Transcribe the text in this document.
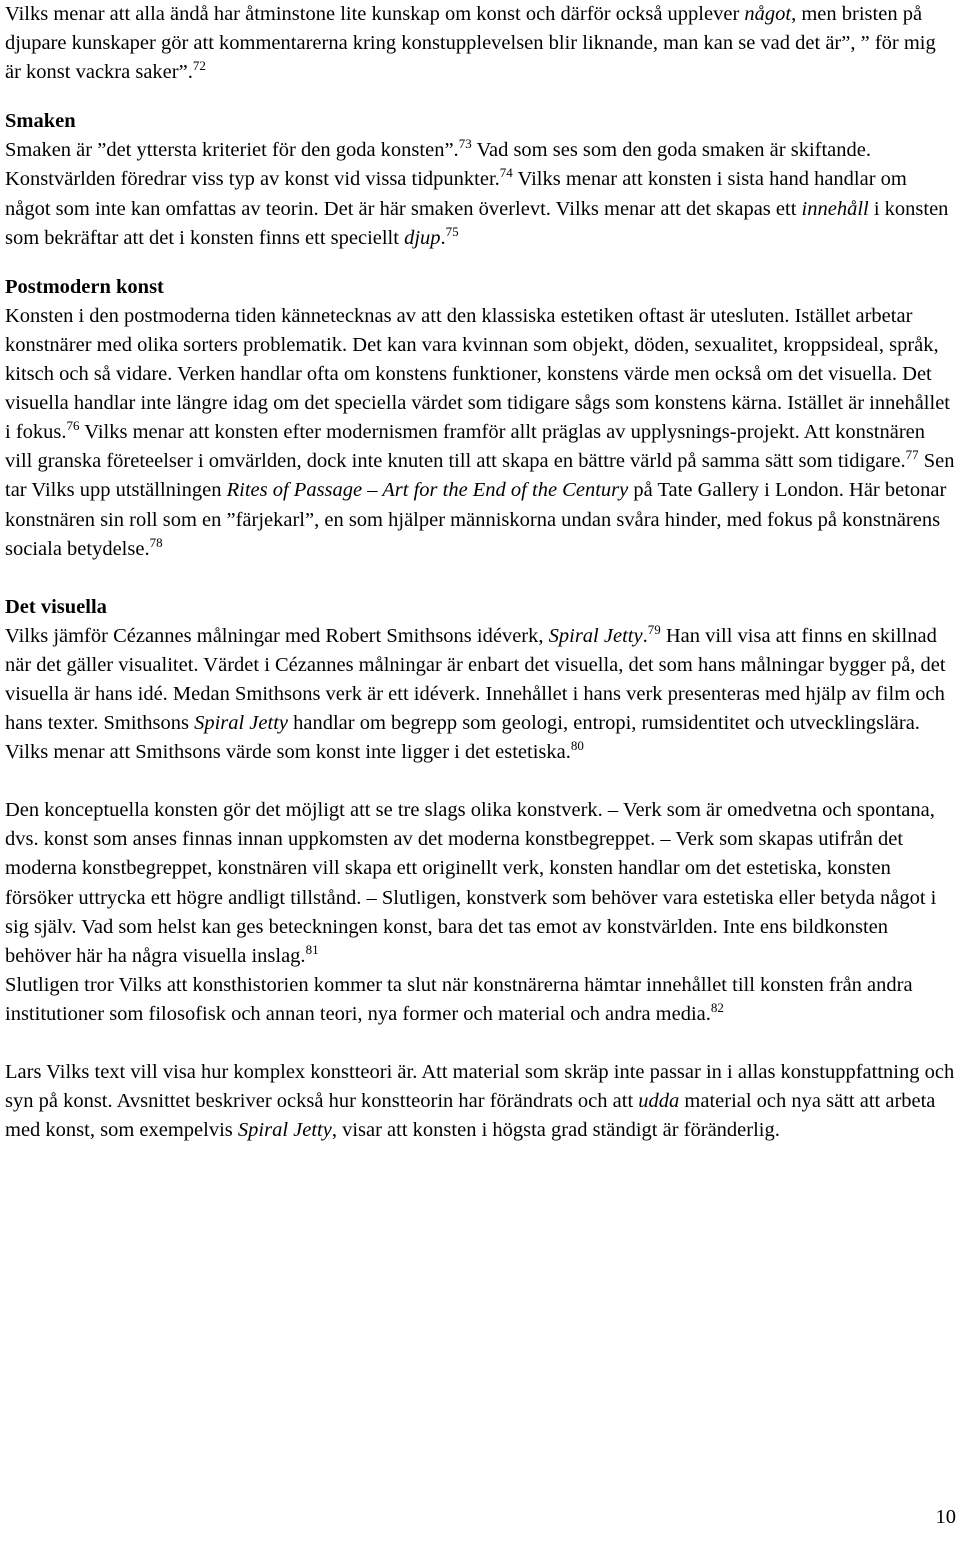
Vilks menar att alla ändå har åtminstone lite kunskap om konst och därför också upplever något, men bristen på djupare kunskaper gör att kommentarerna kring konstupplevelsen blir liknande, man kan se vad det är”, ” för mig är konst vackra saker”.$^{72}$

Smaken

Smaken är ”det yttersta kriteriet för den goda konsten”.$^{73}$ Vad som ses som den goda smaken är skiftande. Konstvärlden föredrar viss typ av konst vid vissa tidpunkter.$^{74}$ Vilks menar att konsten i sista hand handlar om något som inte kan omfattas av teorin. Det är här smaken överlevt. Vilks menar att det skapas ett innehåll i konsten som bekräftar att det i konsten finns ett speciellt djup.$^{75}$

Postmodern konst

Konsten i den postmoderna tiden kännetecknas av att den klassiska estetiken oftast är utesluten. Istället arbetar konstnärer med olika sorters problematik. Det kan vara kvinnan som objekt, döden, sexualitet, kroppsideal, språk, kitsch och så vidare. Verken handlar ofta om konstens funktioner, konstens värde men också om det visuella. Det visuella handlar inte längre idag om det speciella värdet som tidigare sågs som konstens kärna. Istället är innehållet i fokus.$^{76}$ Vilks menar att konsten efter modernismen framför allt präglas av upplysnings-projekt. Att konstnären vill granska företeelser i omvärlden, dock inte knuten till att skapa en bättre värld på samma sätt som tidigare.$^{77}$ Sen tar Vilks upp utställningen Rites of Passage – Art for the End of the Century på Tate Gallery i London. Här betonar konstnären sin roll som en ”färjekarl”, en som hjälper människorna undan svåra hinder, med fokus på konstnärens sociala betydelse.$^{78}$

Det visuella

Vilks jämför Cézannes målningar med Robert Smithsons idéverk, Spiral Jetty.$^{79}$ Han vill visa att finns en skillnad när det gäller visualitet. Värdet i Cézannes målningar är enbart det visuella, det som hans målningar bygger på, det visuella är hans idé. Medan Smithsons verk är ett idéverk. Innehållet i hans verk presenteras med hjälp av film och hans texter. Smithsons Spiral Jetty handlar om begrepp som geologi, entropi, rumsidentitet och utvecklingslära. Vilks menar att Smithsons värde som konst inte ligger i det estetiska.$^{80}$

Den konceptuella konsten gör det möjligt att se tre slags olika konstverk. – Verk som är omedvetna och spontana, dvs. konst som anses finnas innan uppkomsten av det moderna konstbegreppet. – Verk som skapas utifrån det moderna konstbegreppet, konstnären vill skapa ett originellt verk, konsten handlar om det estetiska, konsten försöker uttrycka ett högre andligt tillstånd. – Slutligen, konstverk som behöver vara estetiska eller betyda något i sig själv. Vad som helst kan ges beteckningen konst, bara det tas emot av konstvärlden. Inte ens bildkonsten behöver här ha några visuella inslag.$^{81}$

Slutligen tror Vilks att konsthistorien kommer ta slut när konstnärerna hämtar innehållet till konsten från andra institutioner som filosofisk och annan teori, nya former och material och andra media.$^{82}$

Lars Vilks text vill visa hur komplex konstteori är. Att material som skräp inte passar in i allas konstuppfattning och syn på konst. Avsnittet beskriver också hur konstteorin har förändrats och att udda material och nya sätt att arbeta med konst, som exempelvis Spiral Jetty, visar att konsten i högsta grad ständigt är föränderlig.

10
